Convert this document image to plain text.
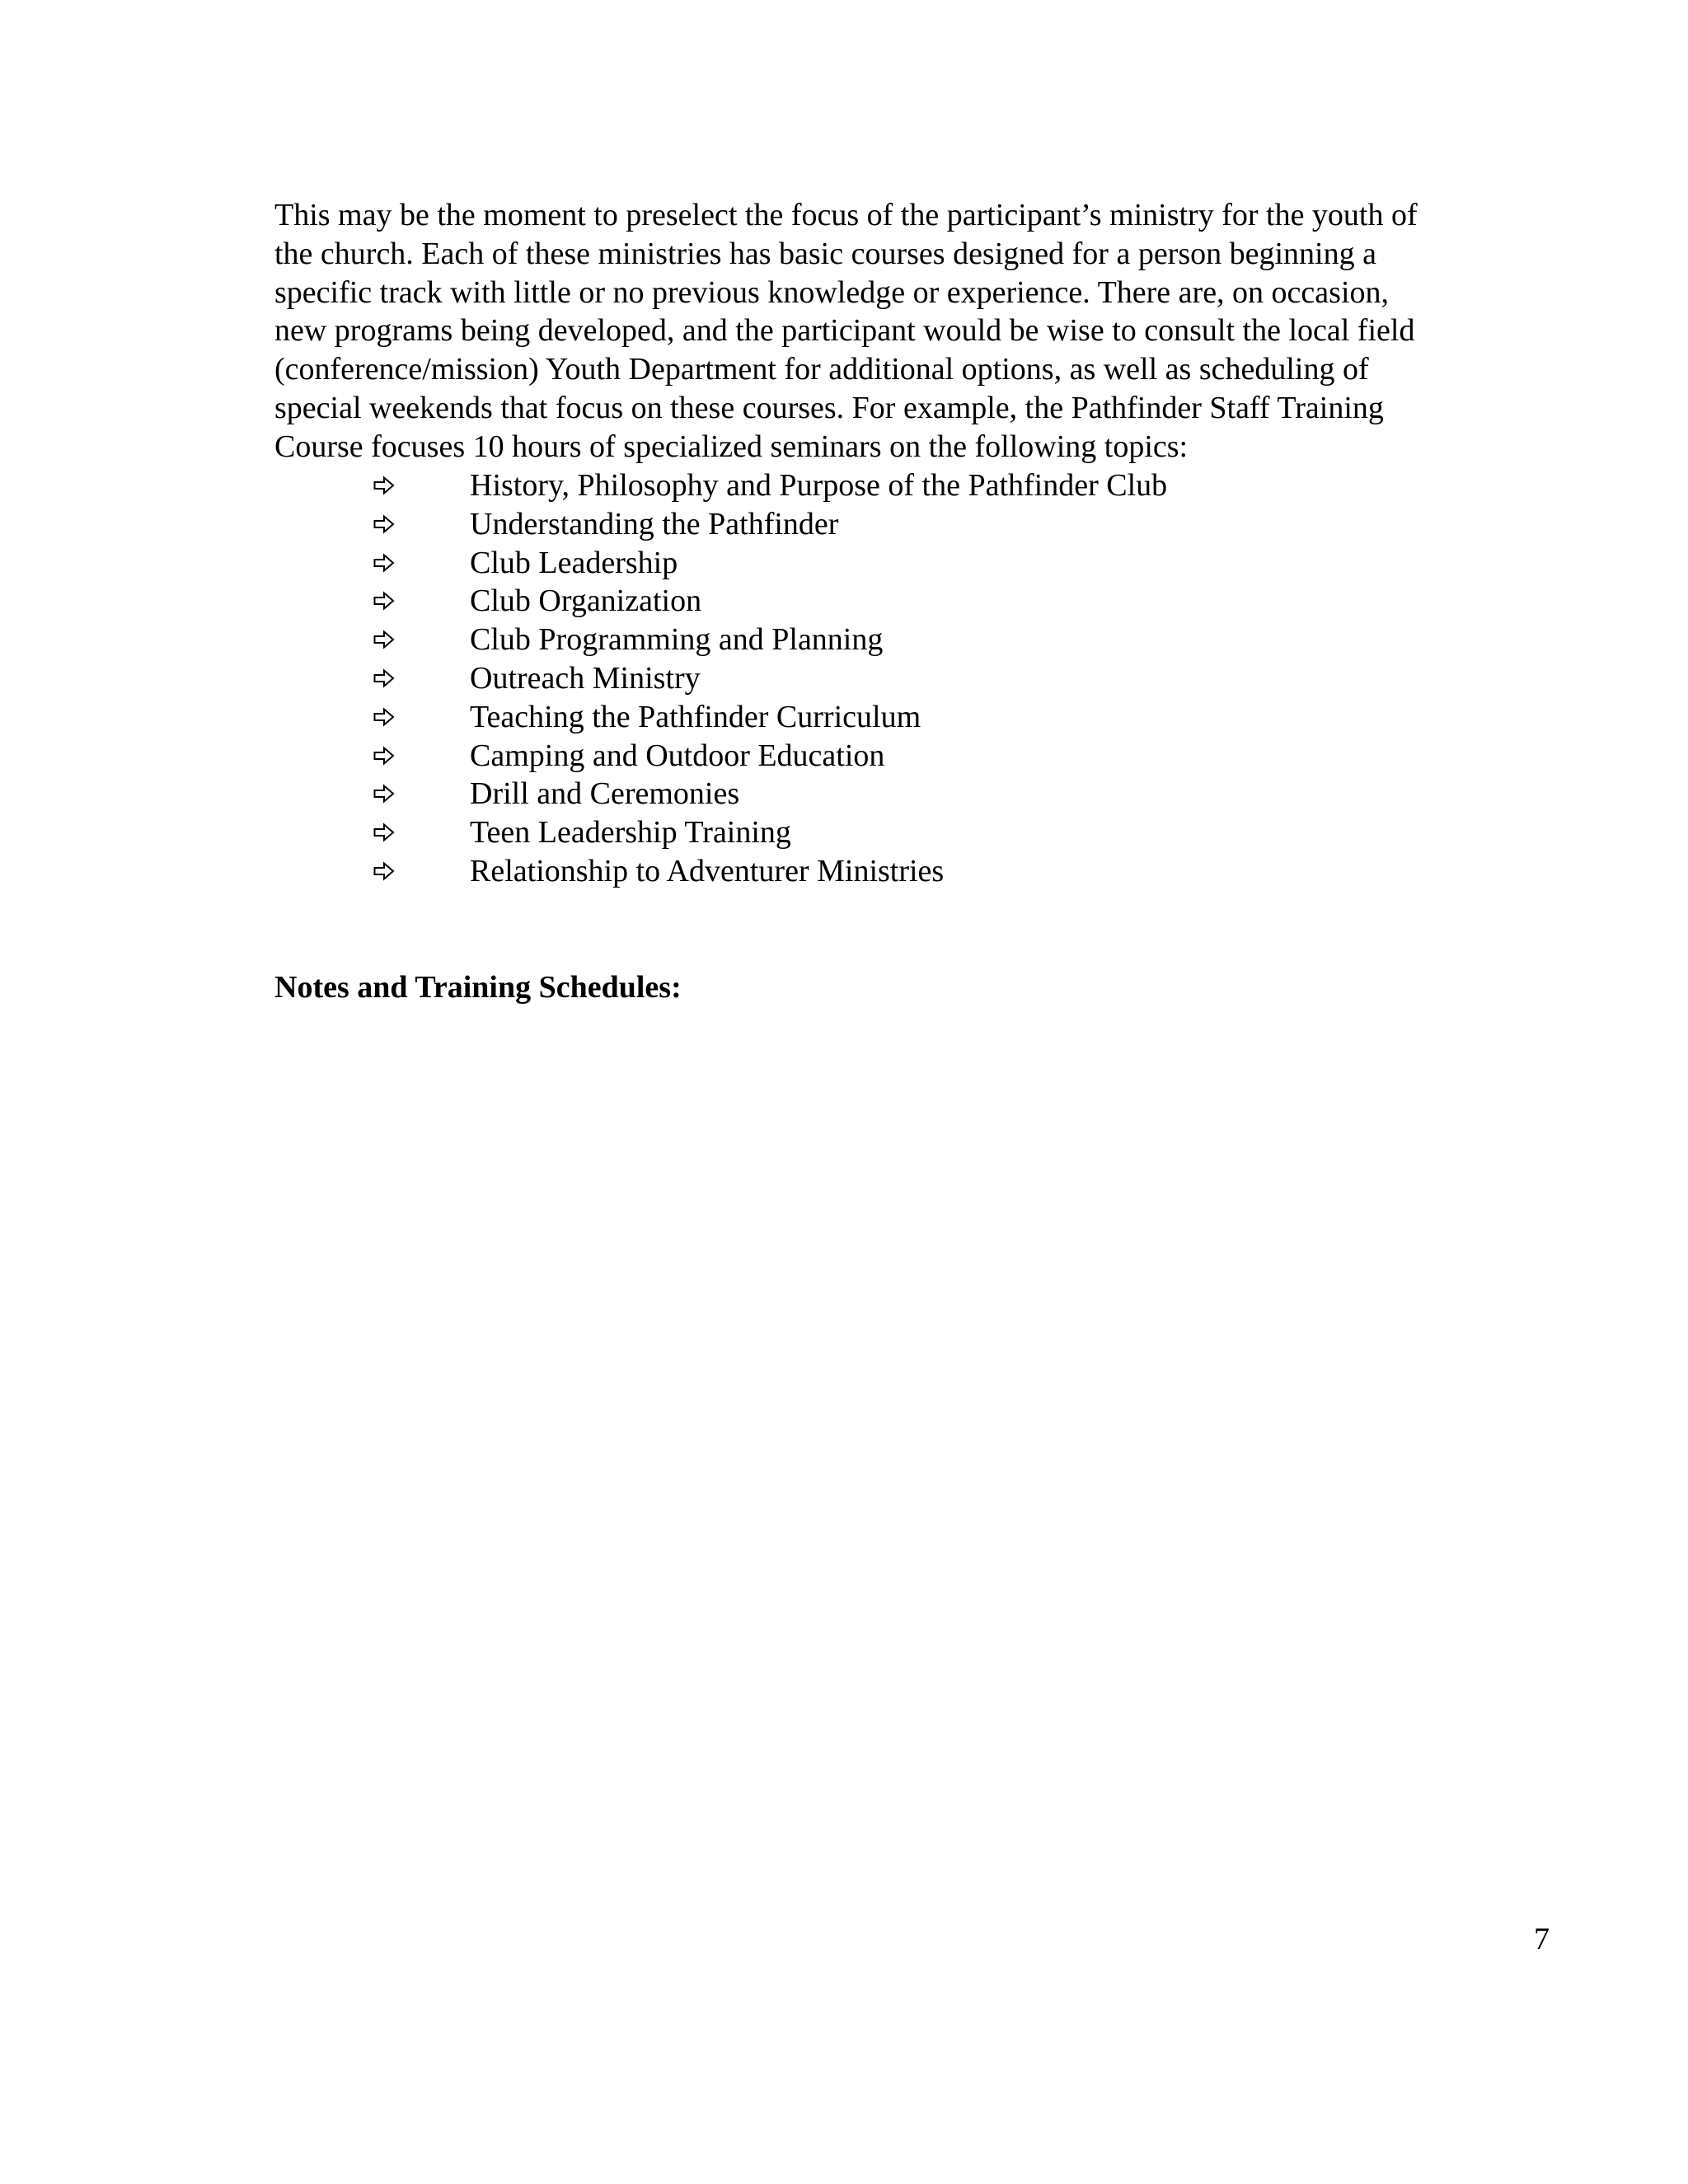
This may be the moment to preselect the focus of the participant’s ministry for the youth of
the church. Each of these ministries has basic courses designed for a person beginning a
specific track with little or no previous knowledge or experience. There are, on occasion,
new programs being developed, and the participant would be wise to consult the local field
(conference/mission) Youth Department for additional options, as well as scheduling of
special weekends that focus on these courses. For example, the Pathfinder Staff Training
Course focuses 10 hours of specialized seminars on the following topics:
History, Philosophy and Purpose of the Pathfinder Club
Understanding the Pathfinder
Club Leadership
Club Organization
Club Programming and Planning
Outreach Ministry
Teaching the Pathfinder Curriculum
Camping and Outdoor Education
Drill and Ceremonies
Teen Leadership Training
Relationship to Adventurer Ministries
Notes and Training Schedules:
7
